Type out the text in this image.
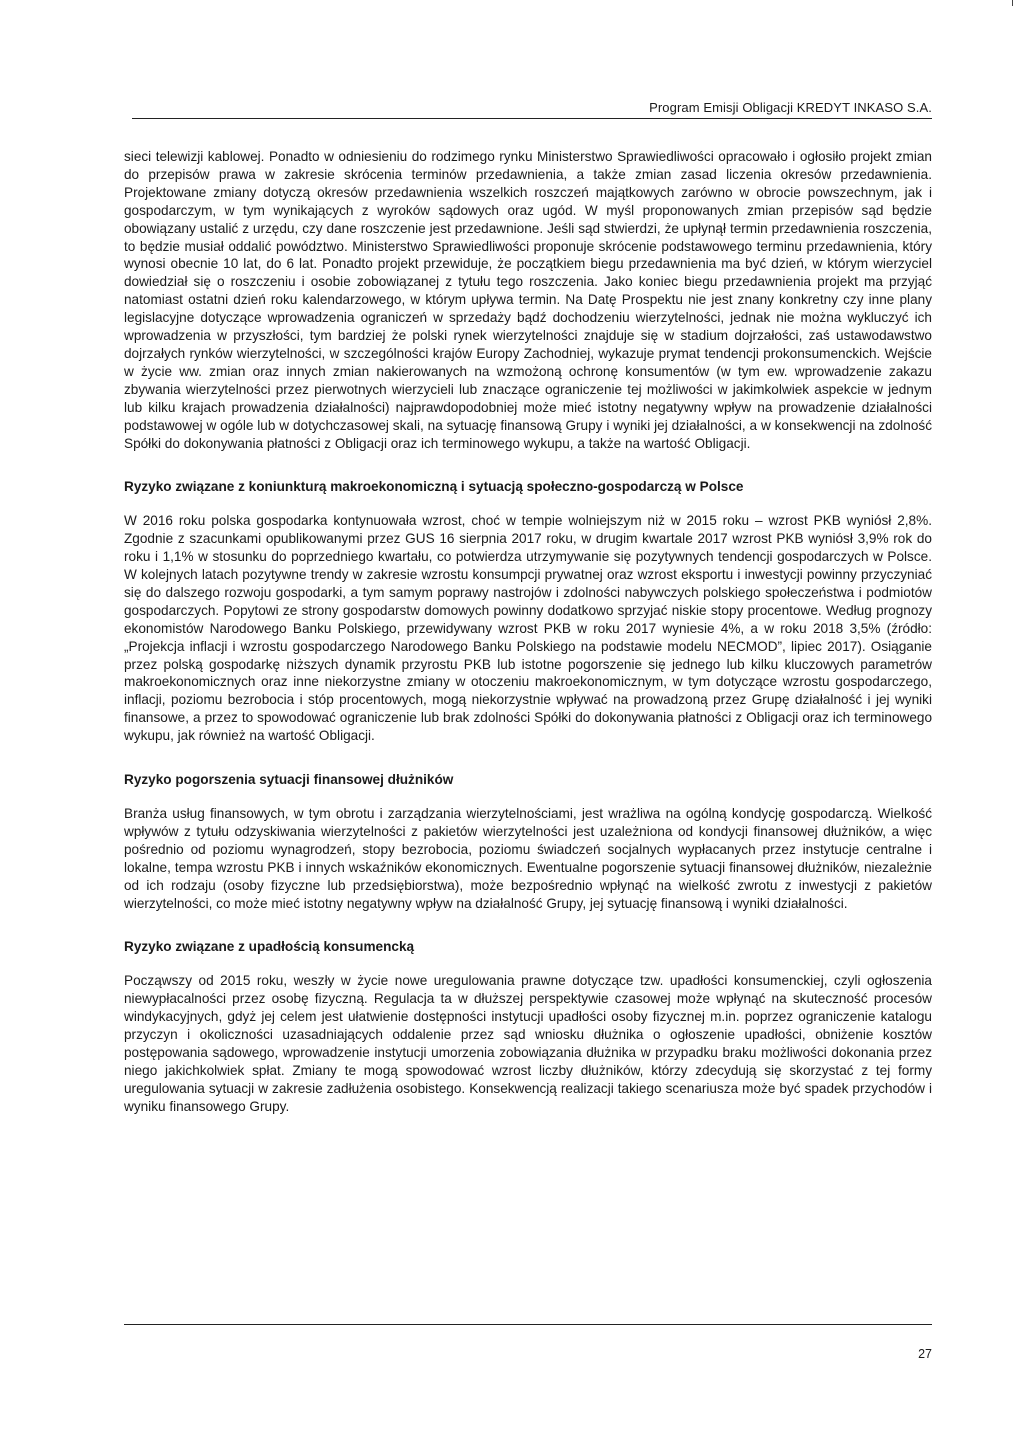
Program Emisji Obligacji KREDYT INKASO S.A.

sieci telewizji kablowej. Ponadto w odniesieniu do rodzimego rynku Ministerstwo Sprawiedliwości opracowało i ogłosiło projekt zmian do przepisów prawa w zakresie skrócenia terminów przedawnienia, a także zmian zasad liczenia okresów przedawnienia. Projektowane zmiany dotyczą okresów przedawnienia wszelkich roszczeń majątkowych zarówno w obrocie powszechnym, jak i gospodarczym, w tym wynikających z wyroków sądowych oraz ugód. W myśl proponowanych zmian przepisów sąd będzie obowiązany ustalić z urzędu, czy dane roszczenie jest przedawnione. Jeśli sąd stwierdzi, że upłynął termin przedawnienia roszczenia, to będzie musiał oddalić powództwo. Ministerstwo Sprawiedliwości proponuje skrócenie podstawowego terminu przedawnienia, który wynosi obecnie 10 lat, do 6 lat. Ponadto projekt przewiduje, że początkiem biegu przedawnienia ma być dzień, w którym wierzyciel dowiedział się o roszczeniu i osobie zobowiązanej z tytułu tego roszczenia. Jako koniec biegu przedawnienia projekt ma przyjąć natomiast ostatni dzień roku kalendarzowego, w którym upływa termin. Na Datę Prospektu nie jest znany konkretny czy inne plany legislacyjne dotyczące wprowadzenia ograniczeń w sprzedaży bądź dochodzeniu wierzytelności, jednak nie można wykluczyć ich wprowadzenia w przyszłości, tym bardziej że polski rynek wierzytelności znajduje się w stadium dojrzałości, zaś ustawodawstwo dojrzałych rynków wierzytelności, w szczególności krajów Europy Zachodniej, wykazuje prymat tendencji prokonsumenckich. Wejście w życie ww. zmian oraz innych zmian nakierowanych na wzmożoną ochronę konsumentów (w tym ew. wprowadzenie zakazu zbywania wierzytelności przez pierwotnych wierzycieli lub znaczące ograniczenie tej możliwości w jakimkolwiek aspekcie w jednym lub kilku krajach prowadzenia działalności) najprawdopodobniej może mieć istotny negatywny wpływ na prowadzenie działalności podstawowej w ogóle lub w dotychczasowej skali, na sytuację finansową Grupy i wyniki jej działalności, a w konsekwencji na zdolność Spółki do dokonywania płatności z Obligacji oraz ich terminowego wykupu, a także na wartość Obligacji.

Ryzyko związane z koniunkturą makroekonomiczną i sytuacją społeczno-gospodarczą w Polsce

W 2016 roku polska gospodarka kontynuowała wzrost, choć w tempie wolniejszym niż w 2015 roku – wzrost PKB wyniósł 2,8%. Zgodnie z szacunkami opublikowanymi przez GUS 16 sierpnia 2017 roku, w drugim kwartale 2017 wzrost PKB wyniósł 3,9% rok do roku i 1,1% w stosunku do poprzedniego kwartału, co potwierdza utrzymywanie się pozytywnych tendencji gospodarczych w Polsce. W kolejnych latach pozytywne trendy w zakresie wzrostu konsumpcji prywatnej oraz wzrost eksportu i inwestycji powinny przyczyniać się do dalszego rozwoju gospodarki, a tym samym poprawy nastrojów i zdolności nabywczych polskiego społeczeństwa i podmiotów gospodarczych. Popytowi ze strony gospodarstw domowych powinny dodatkowo sprzyjać niskie stopy procentowe. Według prognozy ekonomistów Narodowego Banku Polskiego, przewidywany wzrost PKB w roku 2017 wyniesie 4%, a w roku 2018 3,5% (źródło: „Projekcja inflacji i wzrostu gospodarczego Narodowego Banku Polskiego na podstawie modelu NECMOD”, lipiec 2017). Osiąganie przez polską gospodarkę niższych dynamik przyrostu PKB lub istotne pogorszenie się jednego lub kilku kluczowych parametrów makroekonomicznych oraz inne niekorzystne zmiany w otoczeniu makroekonomicznym, w tym dotyczące wzrostu gospodarczego, inflacji, poziomu bezrobocia i stóp procentowych, mogą niekorzystnie wpływać na prowadzoną przez Grupę działalność i jej wyniki finansowe, a przez to spowodować ograniczenie lub brak zdolności Spółki do dokonywania płatności z Obligacji oraz ich terminowego wykupu, jak również na wartość Obligacji.

Ryzyko pogorszenia sytuacji finansowej dłużników

Branża usług finansowych, w tym obrotu i zarządzania wierzytelnościami, jest wrażliwa na ogólną kondycję gospodarczą. Wielkość wpływów z tytułu odzyskiwania wierzytelności z pakietów wierzytelności jest uzależniona od kondycji finansowej dłużników, a więc pośrednio od poziomu wynagrodzeń, stopy bezrobocia, poziomu świadczeń socjalnych wypłacanych przez instytucje centralne i lokalne, tempa wzrostu PKB i innych wskaźników ekonomicznych. Ewentualne pogorszenie sytuacji finansowej dłużników, niezależnie od ich rodzaju (osoby fizyczne lub przedsiębiorstwa), może bezpośrednio wpłynąć na wielkość zwrotu z inwestycji z pakietów wierzytelności, co może mieć istotny negatywny wpływ na działalność Grupy, jej sytuację finansową i wyniki działalności.

Ryzyko związane z upadłością konsumencką

Począwszy od 2015 roku, weszły w życie nowe uregulowania prawne dotyczące tzw. upadłości konsumenckiej, czyli ogłoszenia niewypłacalności przez osobę fizyczną. Regulacja ta w dłuższej perspektywie czasowej może wpłynąć na skuteczność procesów windykacyjnych, gdyż jej celem jest ułatwienie dostępności instytucji upadłości osoby fizycznej m.in. poprzez ograniczenie katalogu przyczyn i okoliczności uzasadniających oddalenie przez sąd wniosku dłużnika o ogłoszenie upadłości, obniżenie kosztów postępowania sądowego, wprowadzenie instytucji umorzenia zobowiązania dłużnika w przypadku braku możliwości dokonania przez niego jakichkolwiek spłat. Zmiany te mogą spowodować wzrost liczby dłużników, którzy zdecydują się skorzystać z tej formy uregulowania sytuacji w zakresie zadłużenia osobistego. Konsekwencją realizacji takiego scenariusza może być spadek przychodów i wyniku finansowego Grupy.

27
